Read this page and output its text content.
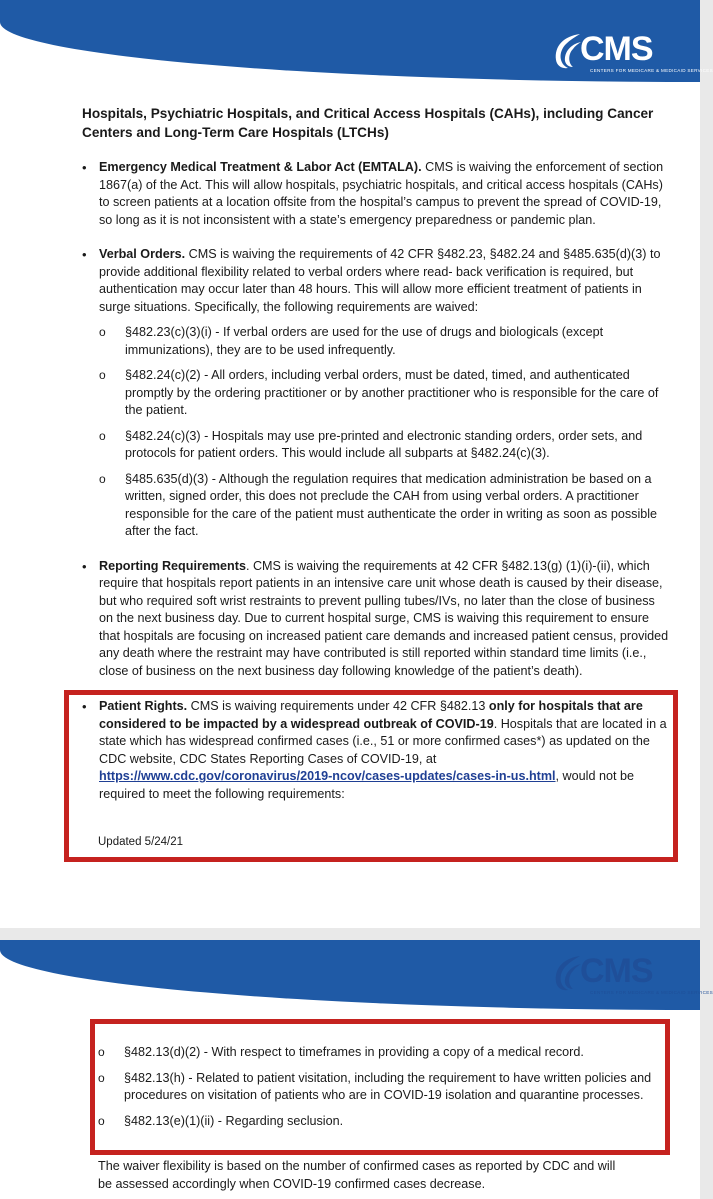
CMS
CENTERS FOR MEDICARE & MEDICAID SERVICES

Hospitals, Psychiatric Hospitals, and Critical Access Hospitals (CAHs), including Cancer Centers and Long-Term Care Hospitals (LTCHs)

• Emergency Medical Treatment & Labor Act (EMTALA). CMS is waiving the enforcement of section 1867(a) of the Act. This will allow hospitals, psychiatric hospitals, and critical access hospitals (CAHs) to screen patients at a location offsite from the hospital’s campus to prevent the spread of COVID-19, so long as it is not inconsistent with a state’s emergency preparedness or pandemic plan.
• Verbal Orders. CMS is waiving the requirements of 42 CFR §482.23, §482.24 and §485.635(d)(3) to provide additional flexibility related to verbal orders where read- back verification is required, but authentication may occur later than 48 hours. This will allow more efficient treatment of patients in surge situations. Specifically, the following requirements are waived:
o	§482.23(c)(3)(i) - If verbal orders are used for the use of drugs and biologicals (except immunizations), they are to be used infrequently.
o	§482.24(c)(2) - All orders, including verbal orders, must be dated, timed, and authenticated promptly by the ordering practitioner or by another practitioner who is responsible for the care of the patient.
o	§482.24(c)(3) - Hospitals may use pre-printed and electronic standing orders, order sets, and protocols for patient orders. This would include all subparts at §482.24(c)(3).
o	§485.635(d)(3) - Although the regulation requires that medication administration be based on a written, signed order, this does not preclude the CAH from using verbal orders. A practitioner responsible for the care of the patient must authenticate the order in writing as soon as possible after the fact.
• Reporting Requirements. CMS is waiving the requirements at 42 CFR §482.13(g) (1)(i)-(ii), which require that hospitals report patients in an intensive care unit whose death is caused by their disease, but who required soft wrist restraints to prevent pulling tubes/IVs, no later than the close of business on the next business day. Due to current hospital surge, CMS is waiving this requirement to ensure that hospitals are focusing on increased patient care demands and increased patient census, provided any death where the restraint may have contributed is still reported within standard time limits (i.e., close of business on the next business day following knowledge of the patient’s death).
• Patient Rights. CMS is waiving requirements under 42 CFR §482.13 only for hospitals that are considered to be impacted by a widespread outbreak of COVID-19. Hospitals that are located in a state which has widespread confirmed cases (i.e., 51 or more confirmed cases*) as updated on the CDC website, CDC States Reporting Cases of COVID-19, at https://www.cdc.gov/coronavirus/2019-ncov/cases-updates/cases-in-us.html, would not be required to meet the following requirements:
Updated 5/24/21
CMS
CENTERS FOR MEDICARE & MEDICAID SERVICES
o	§482.13(d)(2) - With respect to timeframes in providing a copy of a medical record.
o	§482.13(h) - Related to patient visitation, including the requirement to have written policies and procedures on visitation of patients who are in COVID-19 isolation and quarantine processes.
o	§482.13(e)(1)(ii) - Regarding seclusion.
The waiver flexibility is based on the number of confirmed cases as reported by CDC and will
be assessed accordingly when COVID-19 confirmed cases decrease.
